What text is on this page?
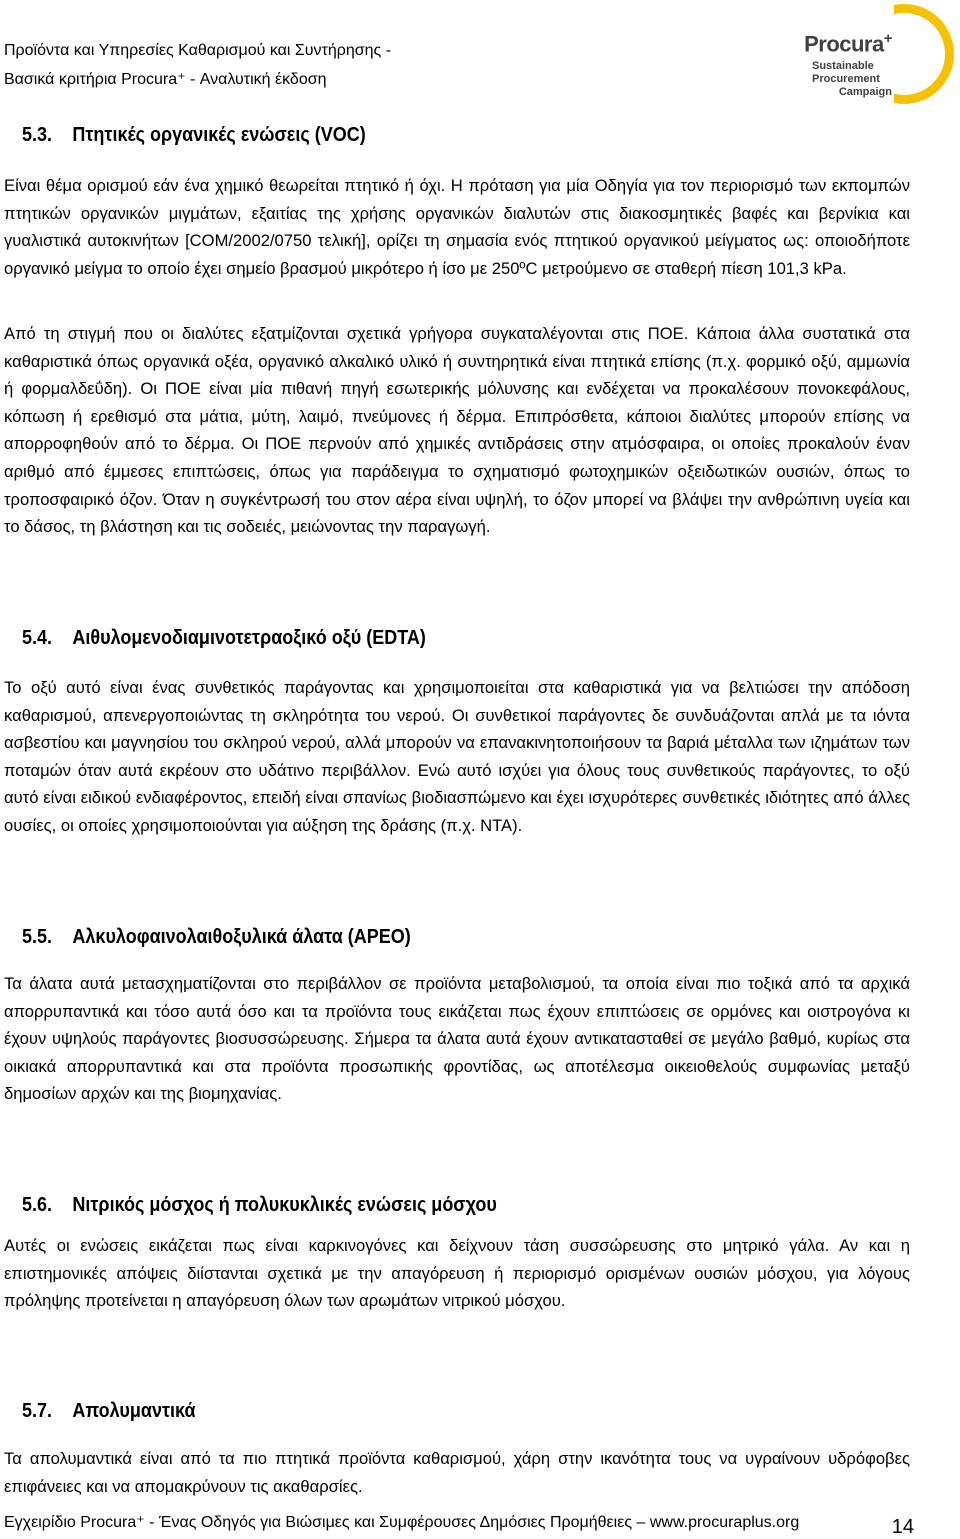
Προϊόντα και Υπηρεσίες Καθαρισμού και Συντήρησης -
Βασικά κριτήρια Procura⁺ - Αναλυτική έκδοση
Procura+
Sustainable
Procurement
Campaign
5.3. Πτητικές οργανικές ενώσεις (VOC)
Είναι θέμα ορισμού εάν ένα χημικό θεωρείται πτητικό ή όχι. Η πρόταση για μία Οδηγία για τον περιορισμό των εκπομπών πτητικών οργανικών μιγμάτων, εξαιτίας της χρήσης οργανικών διαλυτών στις διακοσμητικές βαφές και βερνίκια και γυαλιστικά αυτοκινήτων [COM/2002/0750 τελική], ορίζει τη σημασία ενός πτητικού οργανικού μείγματος ως: οποιοδήποτε οργανικό μείγμα το οποίο έχει σημείο βρασμού μικρότερο ή ίσο με 250ºC μετρούμενο σε σταθερή πίεση 101,3 kPa.
Από τη στιγμή που οι διαλύτες εξατμίζονται σχετικά γρήγορα συγκαταλέγονται στις ΠΟΕ. Κάποια άλλα συστατικά στα καθαριστικά όπως οργανικά οξέα, οργανικό αλκαλικό υλικό ή συντηρητικά είναι πτητικά επίσης (π.χ. φορμικό οξύ, αμμωνία ή φορμαλδεΰδη). Οι ΠΟΕ είναι μία πιθανή πηγή εσωτερικής μόλυνσης και ενδέχεται να προκαλέσουν πονοκεφάλους, κόπωση ή ερεθισμό στα μάτια, μύτη, λαιμό, πνεύμονες ή δέρμα. Επιπρόσθετα, κάποιοι διαλύτες μπορούν επίσης να απορροφηθούν από το δέρμα. Οι ΠΟΕ περνούν από χημικές αντιδράσεις στην ατμόσφαιρα, οι οποίες προκαλούν έναν αριθμό από έμμεσες επιπτώσεις, όπως για παράδειγμα το σχηματισμό φωτοχημικών οξειδωτικών ουσιών, όπως το τροποσφαιρικό όζον. Όταν η συγκέντρωσή του στον αέρα είναι υψηλή, το όζον μπορεί να βλάψει την ανθρώπινη υγεία και το δάσος, τη βλάστηση και τις σοδειές, μειώνοντας την παραγωγή.
5.4. Αιθυλομενοδιαμινοτετραοξικό οξύ (EDTA)
Το οξύ αυτό είναι ένας συνθετικός παράγοντας και χρησιμοποιείται στα καθαριστικά για να βελτιώσει την απόδοση καθαρισμού, απενεργοποιώντας τη σκληρότητα του νερού. Οι συνθετικοί παράγοντες δε συνδυάζονται απλά με τα ιόντα ασβεστίου και μαγνησίου του σκληρού νερού, αλλά μπορούν να επανακινητοποιήσουν τα βαριά μέταλλα των ιζημάτων των ποταμών όταν αυτά εκρέουν στο υδάτινο περιβάλλον. Ενώ αυτό ισχύει για όλους τους συνθετικούς παράγοντες, το οξύ αυτό είναι ειδικού ενδιαφέροντος, επειδή είναι σπανίως βιοδιασπώμενο και έχει ισχυρότερες συνθετικές ιδιότητες από άλλες ουσίες, οι οποίες χρησιμοποιούνται για αύξηση της δράσης (π.χ. NTA).
5.5. Αλκυλοφαινολαιθοξυλικά άλατα (APEO)
Τα άλατα αυτά μετασχηματίζονται στο περιβάλλον σε προϊόντα μεταβολισμού, τα οποία είναι πιο τοξικά από τα αρχικά απορρυπαντικά και τόσο αυτά όσο και τα προϊόντα τους εικάζεται πως έχουν επιπτώσεις σε ορμόνες και οιστρογόνα κι έχουν υψηλούς παράγοντες βιοσυσσώρευσης. Σήμερα τα άλατα αυτά έχουν αντικατασταθεί σε μεγάλο βαθμό, κυρίως στα οικιακά απορρυπαντικά και στα προϊόντα προσωπικής φροντίδας, ως αποτέλεσμα οικειοθελούς συμφωνίας μεταξύ δημοσίων αρχών και της βιομηχανίας.
5.6. Νιτρικός μόσχος ή πολυκυκλικές ενώσεις μόσχου
Αυτές οι ενώσεις εικάζεται πως είναι καρκινογόνες και δείχνουν τάση συσσώρευσης στο μητρικό γάλα. Αν και η επιστημονικές απόψεις διίστανται σχετικά με την απαγόρευση ή περιορισμό ορισμένων ουσιών μόσχου, για λόγους πρόληψης προτείνεται η απαγόρευση όλων των αρωμάτων νιτρικού μόσχου.
5.7. Απολυμαντικά
Τα απολυμαντικά είναι από τα πιο πτητικά προϊόντα καθαρισμού, χάρη στην ικανότητα τους να υγραίνουν υδρόφοβες επιφάνειες και να απομακρύνουν τις ακαθαρσίες.
Εγχειρίδιο Procura⁺ - Ένας Οδηγός για Βιώσιμες και Συμφέρουσες Δημόσιες Προμήθειες – www.procuraplus.org	14
